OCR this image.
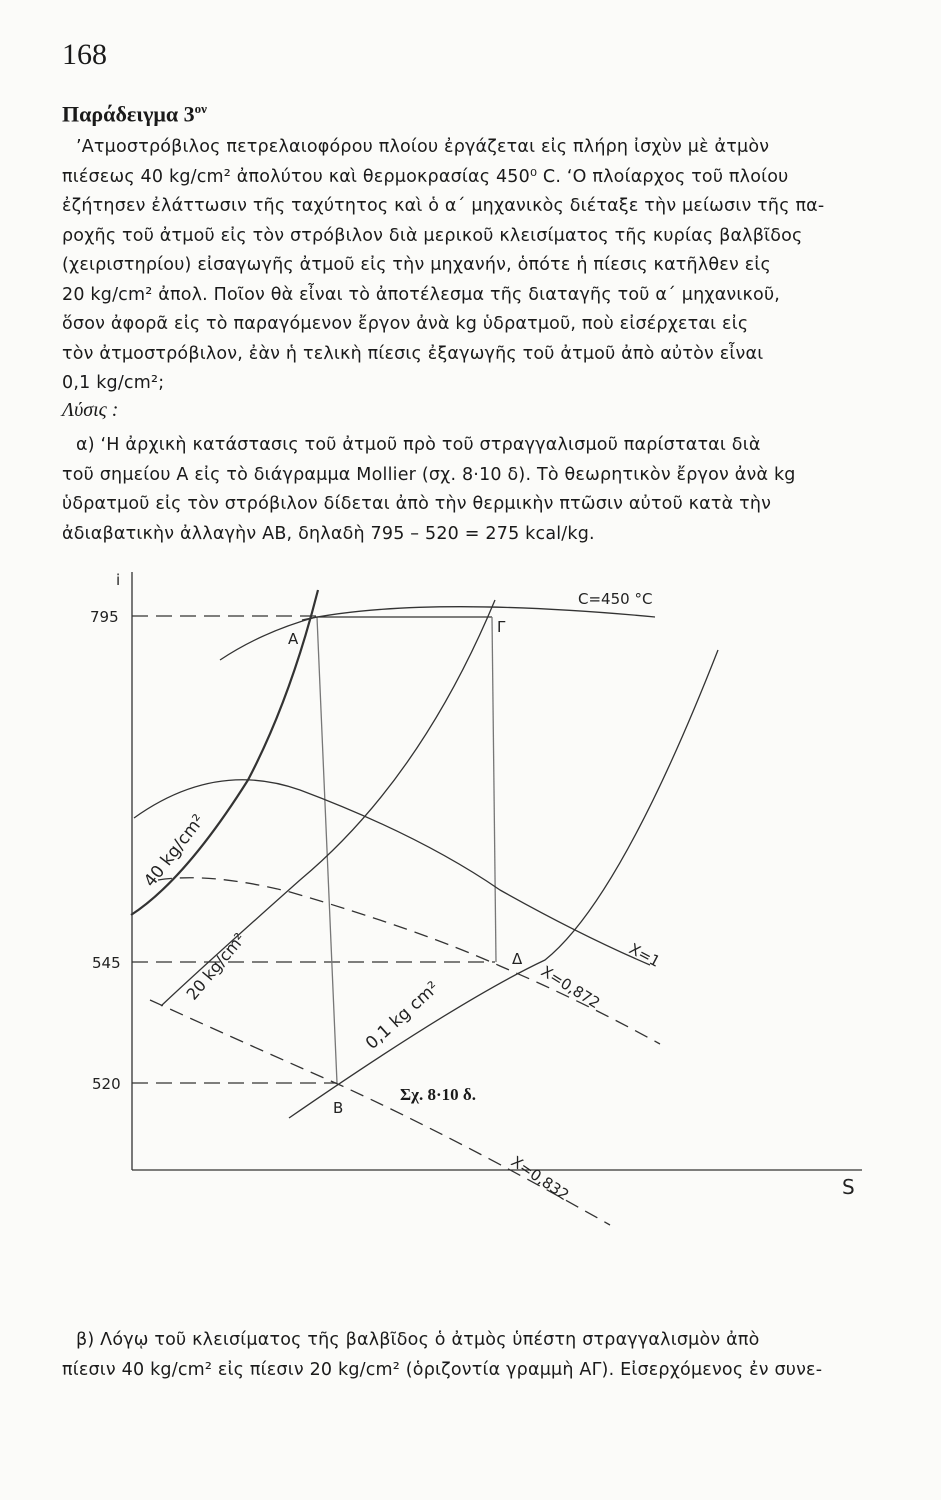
168
Παράδειγμα $3^{o\nu}$
’Ατμοστρόβιλος πετρελαιοφόρου πλοίου ἐργάζεται εἰς πλήρη ἰσχὺν μὲ ἀτμὸν
πιέσεως 40 kg/cm² ἀπολύτου καὶ θερμοκρασίας 450⁰ C. ‘Ο πλοίαρχος τοῦ πλοίου
ἐζήτησεν ἐλάττωσιν τῆς ταχύτητος καὶ ὁ α΄ μηχανικὸς διέταξε τὴν μείωσιν τῆς πα-
ροχῆς τοῦ ἀτμοῦ εἰς τὸν στρόβιλον διὰ μερικοῦ κλεισίματος τῆς κυρίας βαλβῖδος
(χειριστηρίου) εἰσαγωγῆς ἀτμοῦ εἰς τὴν μηχανήν, ὁπότε ἡ πίεσις κατῆλθεν εἰς
20 kg/cm² ἀπολ. Ποῖον θὰ εἶναι τὸ ἀποτέλεσμα τῆς διαταγῆς τοῦ α΄ μηχανικοῦ,
ὅσον ἀφορᾶ εἰς τὸ παραγόμενον ἔργον ἀνὰ kg ὑδρατμοῦ, ποὺ εἰσέρχεται εἰς
τὸν ἀτμοστρόβιλον, ἐὰν ἡ τελικὴ πίεσις ἐξαγωγῆς τοῦ ἀτμοῦ ἀπὸ αὐτὸν εἶναι
0,1 kg/cm²;
Λύσις :
α) ‘Η ἀρχικὴ κατάστασις τοῦ ἀτμοῦ πρὸ τοῦ στραγγαλισμοῦ παρίσταται διὰ
τοῦ σημείου Α εἰς τὸ διάγραμμα Mollier (σχ. 8·10 δ). Τὸ θεωρητικὸν ἔργον ἀνὰ kg
ὑδρατμοῦ εἰς τὸν στρόβιλον δίδεται ἀπὸ τὴν θερμικὴν πτῶσιν αὐτοῦ κατὰ τὴν
ἀδιαβατικὴν ἀλλαγὴν ΑΒ, δηλαδὴ 795 – 520 = 275 kcal/kg.
i
795
545
520
S
Α
Γ
Β
Δ
C=450 °C
40 kg/cm²
20 kg/cm²
0,1 kg cm²
X=1
X=0,872
X=0,832
Σχ. 8·10 δ.
β) Λόγῳ τοῦ κλεισίματος τῆς βαλβῖδος ὁ ἀτμὸς ὑπέστη στραγγαλισμὸν ἀπὸ
πίεσιν 40 kg/cm² εἰς πίεσιν 20 kg/cm² (ὁριζοντία γραμμὴ ΑΓ). Εἰσερχόμενος ἐν συνε-
